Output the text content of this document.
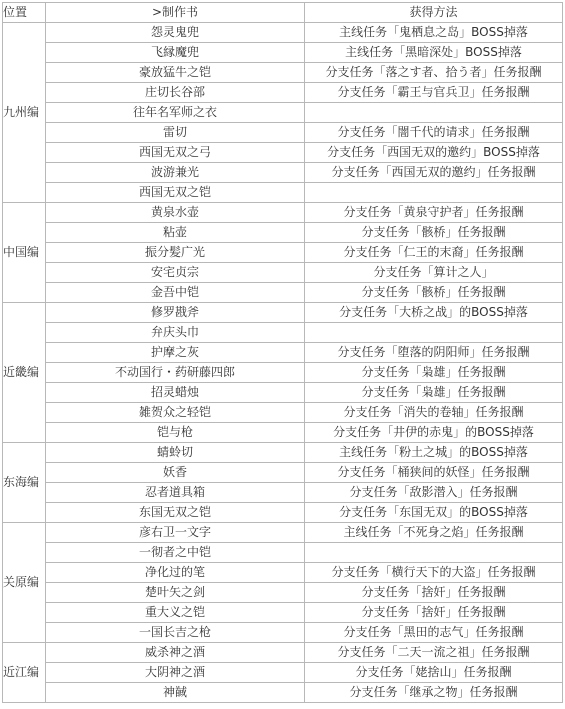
位置	>制作书	获得方法
九州编	怨灵鬼兜	主线任务「鬼栖息之岛」BOSS掉落
	飞縁魔兜	主线任务「黑暗深处」BOSS掉落
	豪放猛牛之铠	分支任务「落之す者、拾う者」任务报酬
	庄切长谷部	分支任务「霸王与官兵卫」任务报酬
	往年名军师之衣	
	雷切	分支任务「闇千代的请求」任务报酬
	西国无双之弓	分支任务「西国无双的邀约」BOSS掉落
	波游兼光	分支任务「西国无双的邀约」任务报酬
	西国无双之铠	
中国编	黄泉水壶	分支任务「黄泉守护者」任务报酬
	粘壶	分支任务「骸桥」任务报酬
	振分髪广光	分支任务「仁王的末裔」任务报酬
	安宅贞宗	分支任务「算计之人」
	金吾中铠	分支任务「骸桥」任务报酬
近畿编	修罗戡斧	分支任务「大桥之战」的BOSS掉落
	弁庆头巾	
	护摩之灰	分支任务「堕落的阴阳师」任务报酬
	不动国行・药研藤四郎	分支任务「枭雄」任务报酬
	招灵蜡烛	分支任务「枭雄」任务报酬
	雑贺众之轻铠	分支任务「消失的卷轴」任务报酬
	铠与枪	分支任务「井伊的赤鬼」的BOSS掉落
东海编	蜻蛉切	主线任务「粉土之城」的BOSS掉落
	妖香	分支任务「桶狭间的妖怪」任务报酬
	忍者道具箱	分支任务「敌影潜入」任务报酬
	东国无双之铠	分支任务「东国无双」的BOSS掉落
关原编	彦右卫一文字	主线任务「不死身之焰」任务报酬
	一彻者之中铠	
	净化过的笔	分支任务「横行天下的大盗」任务报酬
	楚叶矢之剑	分支任务「捨奸」任务报酬
	重大义之铠	分支任务「捨奸」任务报酬
	一国长吉之枪	分支任务「黑田的志气」任务报酬
近江编	威杀神之酒	分支任务「二天一流之祖」任务报酬
	大阴神之酒	分支任务「姥捨山」任务报酬
	神馘	分支任务「继承之物」任务报酬
